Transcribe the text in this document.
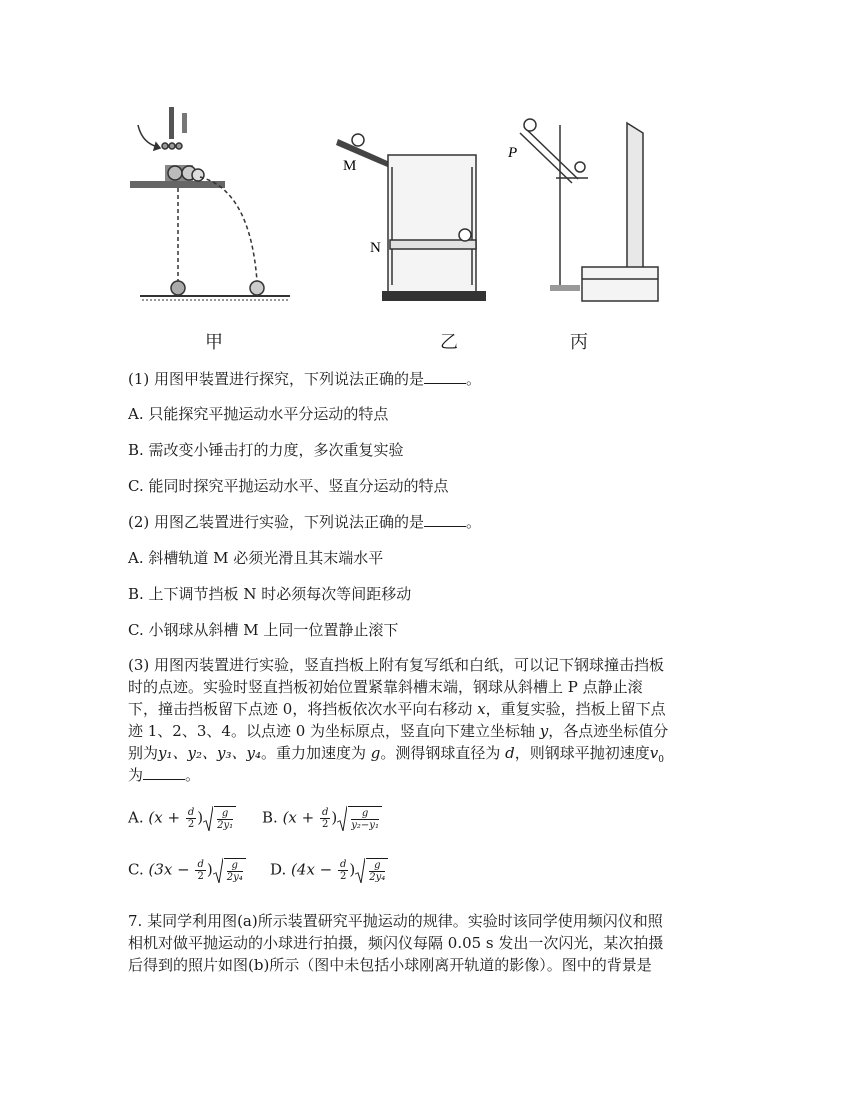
M
N
P
甲	乙	丙
(1) 用图甲装置进行探究，下列说法正确的是	。
A. 只能探究平抛运动水平分运动的特点
B. 需改变小锤击打的力度，多次重复实验
C. 能同时探究平抛运动水平、竖直分运动的特点
(2) 用图乙装置进行实验，下列说法正确的是	。
A. 斜槽轨道 M 必须光滑且其末端水平
B. 上下调节挡板 N 时必须每次等间距移动
C. 小钢球从斜槽 M 上同一位置静止滚下
(3) 用图丙装置进行实验，竖直挡板上附有复写纸和白纸，可以记下钢球撞击挡板
时的点迹。实验时竖直挡板初始位置紧靠斜槽末端，钢球从斜槽上 P 点静止滚
下，撞击挡板留下点迹 0，将挡板依次水平向右移动 x，重复实验，挡板上留下点
迹 1、2、3、4。以点迹 0 为坐标原点，竖直向下建立坐标轴 y，各点迹坐标值分
别为y₁、y₂、y₃、y₄。重力加速度为 g。测得钢球直径为 d，则钢球平抛初速度$v_0$
为	。
A. ($x + \frac{d}{2}$ ) $\frac{g}{\text{2y₁}} B$. ($x + \frac{d}{2}$ ) $\frac{g}{\text{y₂−y₁}}$
C. ($3x - \frac{d}{2}$ ) $\frac{g}{\text{2y₄}} D$. ($4x - \frac{d}{2}$ ) $\frac{g}{\text{2y₄}}$
7. 某同学利用图(a)所示装置研究平抛运动的规律。实验时该同学使用频闪仪和照
相机对做平抛运动的小球进行拍摄，频闪仪每隔 0.05 s 发出一次闪光，某次拍摄
后得到的照片如图(b)所示（图中未包括小球刚离开轨道的影像）。图中的背景是
